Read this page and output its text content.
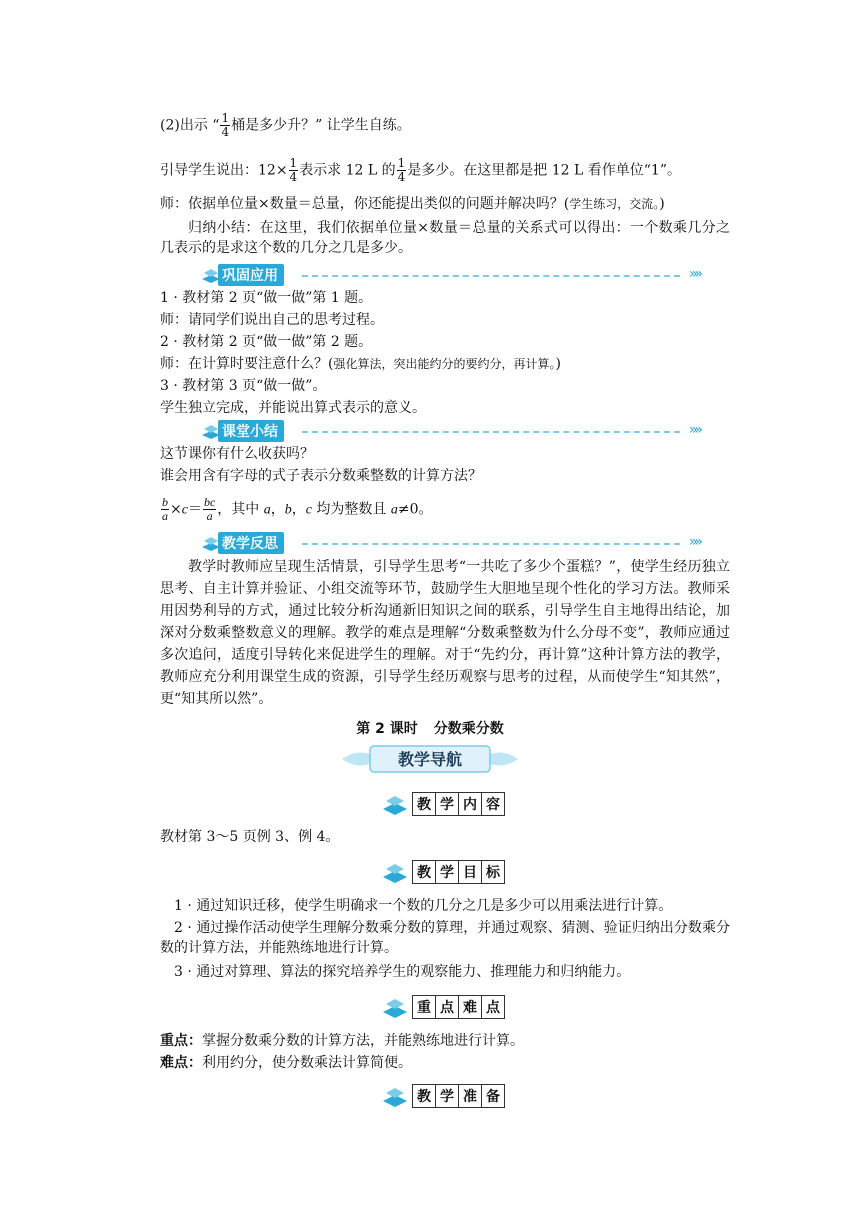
(2)出示 “ $\frac{1}{4}$ 桶是多少升？” 让学生自练。

引导学生说出：$12\times \frac{1}{4}$ 表示求 12 L 的 $\frac{1}{4}$ 是多少。在这里都是把 12 L 看作单位“1”。

师：依据单位量×数量＝总量，你还能提出类似的问题并解决吗？(学生练习，交流。)

归纳小结：在这里，我们依据单位量×数量＝总量的关系式可以得出：一个数乘几分之几表示的是求这个数的几分之几是多少。

巩固应用	»»

1 · 教材第 2 页“做一做”第 1 题。

师：请同学们说出自己的思考过程。

2 · 教材第 2 页“做一做”第 2 题。

师：在计算时要注意什么？(强化算法，突出能约分的要约分，再计算。)

3 · 教材第 3 页“做一做”。

学生独立完成，并能说出算式表示的意义。

课堂小结	»»

这节课你有什么收获吗？

谁会用含有字母的式子表示分数乘整数的计算方法？

$\frac{b}{a} \times c= \frac{bc}{a}$ ，其中 a，b，c 均为整数且 a≠0。

教学反思	»»

教学时教师应呈现生活情景，引导学生思考“一共吃了多少个蛋糕？”，使学生经历独立思考、自主计算并验证、小组交流等环节，鼓励学生大胆地呈现个性化的学习方法。教师采用因势利导的方式，通过比较分析沟通新旧知识之间的联系，引导学生自主地得出结论，加深对分数乘整数意义的理解。教学的难点是理解“分数乘整数为什么分母不变”，教师应通过多次追问，适度引导转化来促进学生的理解。对于“先约分，再计算”这种计算方法的教学，教师应充分利用课堂生成的资源，引导学生经历观察与思考的过程，从而使学生“知其然”，更“知其所以然”。

第 2 课时 分数乘分数
教学导航
教 学 内 容

教材第 3～5 页例 3、例 4。

教 学 目 标

1 · 通过知识迁移，使学生明确求一个数的几分之几是多少可以用乘法进行计算。

2 · 通过操作活动使学生理解分数乘分数的算理，并通过观察、猜测、验证归纳出分数乘分数的计算方法，并能熟练地进行计算。

3 · 通过对算理、算法的探究培养学生的观察能力、推理能力和归纳能力。

重 点 难 点

重点：掌握分数乘分数的计算方法，并能熟练地进行计算。

难点：利用约分，使分数乘法计算简便。

教 学 准 备
